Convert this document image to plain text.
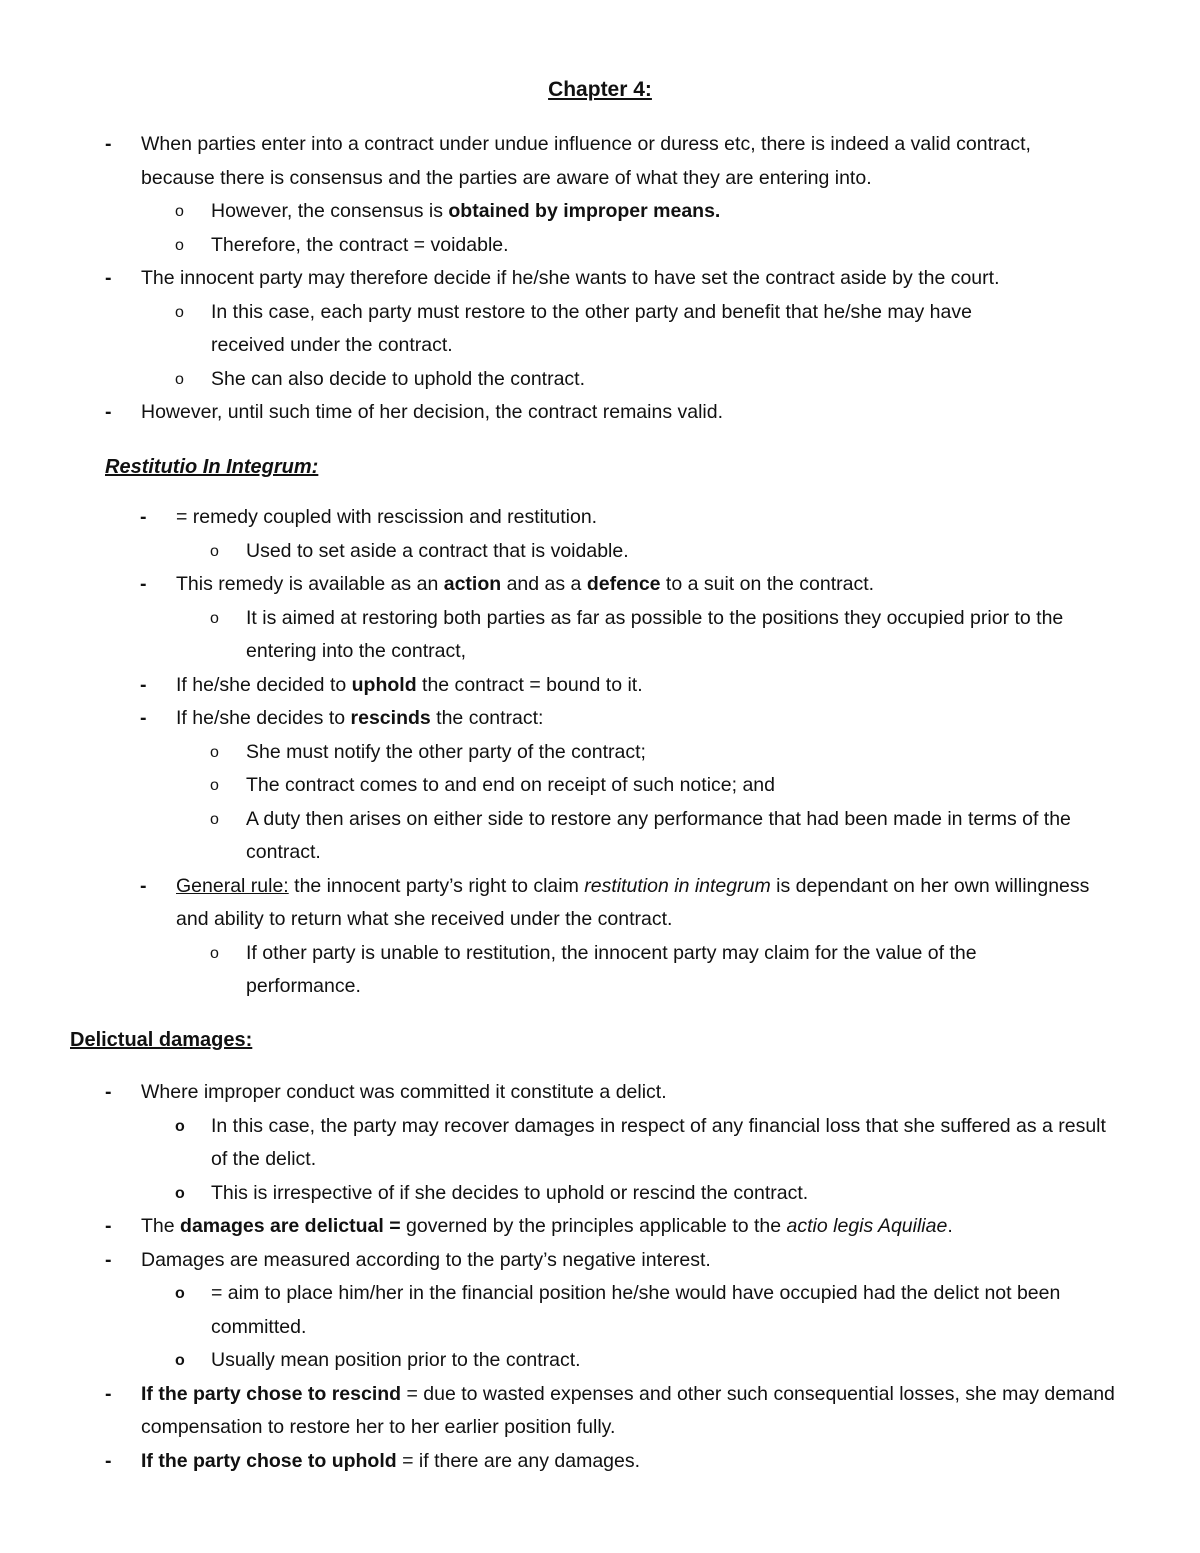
Chapter 4:
- When parties enter into a contract under undue influence or duress etc, there is indeed a valid contract, because there is consensus and the parties are aware of what they are entering into.
o However, the consensus is obtained by improper means.
o Therefore, the contract = voidable.
- The innocent party may therefore decide if he/she wants to have set the contract aside by the court.
o In this case, each party must restore to the other party and benefit that he/she may have received under the contract.
o She can also decide to uphold the contract.
- However, until such time of her decision, the contract remains valid.
Restitutio In Integrum:
- = remedy coupled with rescission and restitution.
o Used to set aside a contract that is voidable.
- This remedy is available as an action and as a defence to a suit on the contract.
o It is aimed at restoring both parties as far as possible to the positions they occupied prior to the entering into the contract,
- If he/she decided to uphold the contract = bound to it.
- If he/she decides to rescinds the contract:
o She must notify the other party of the contract;
o The contract comes to and end on receipt of such notice; and
o A duty then arises on either side to restore any performance that had been made in terms of the contract.
- General rule: the innocent party’s right to claim restitution in integrum is dependant on her own willingness and ability to return what she received under the contract.
o If other party is unable to restitution, the innocent party may claim for the value of the performance.
Delictual damages:
- Where improper conduct was committed it constitute a delict.
o In this case, the party may recover damages in respect of any financial loss that she suffered as a result of the delict.
o This is irrespective of if she decides to uphold or rescind the contract.
- The damages are delictual = governed by the principles applicable to the actio legis Aquiliae.
- Damages are measured according to the party’s negative interest.
o = aim to place him/her in the financial position he/she would have occupied had the delict not been committed.
o Usually mean position prior to the contract.
- If the party chose to rescind = due to wasted expenses and other such consequential losses, she may demand compensation to restore her to her earlier position fully.
- If the party chose to uphold = if there are any damages.
